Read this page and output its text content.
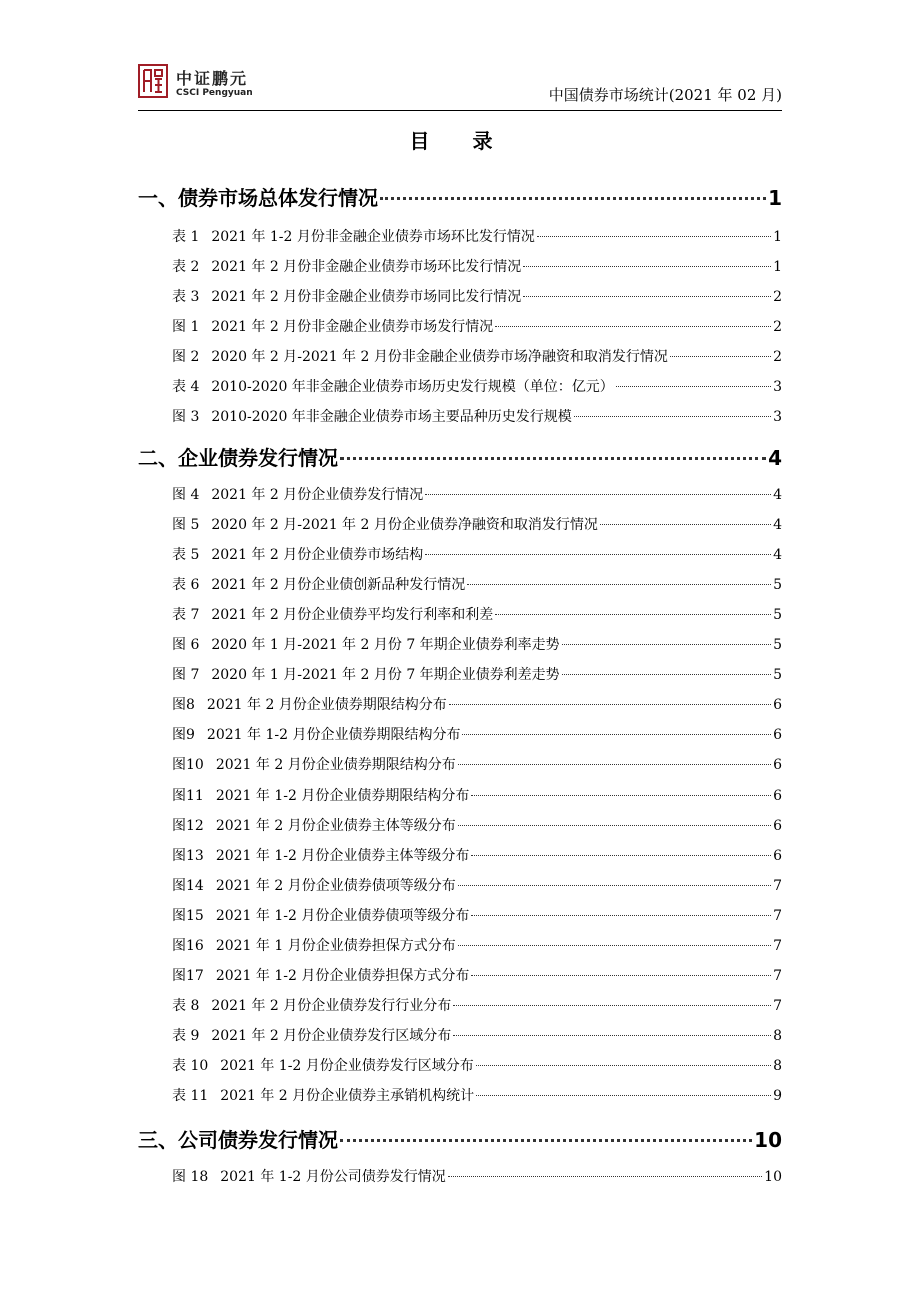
中证鹏元
CSCI Pengyuan	中国债券市场统计(2021 年 02 月)
目 录
一、债券市场总体发行情况	1
表 1 2021 年 1-2 月份非金融企业债券市场环比发行情况	1
表 2 2021 年 2 月份非金融企业债券市场环比发行情况	1
表 3 2021 年 2 月份非金融企业债券市场同比发行情况	2
图 1 2021 年 2 月份非金融企业债券市场发行情况	2
图 2 2020 年 2 月-2021 年 2 月份非金融企业债券市场净融资和取消发行情况	2
表 4 2010-2020 年非金融企业债券市场历史发行规模（单位：亿元）	3
图 3 2010-2020 年非金融企业债券市场主要品种历史发行规模	3
二、企业债券发行情况	4
图 4 2021 年 2 月份企业债券发行情况	4
图 5 2020 年 2 月-2021 年 2 月份企业债券净融资和取消发行情况	4
表 5 2021 年 2 月份企业债券市场结构	4
表 6 2021 年 2 月份企业债创新品种发行情况	5
表 7 2021 年 2 月份企业债券平均发行利率和利差	5
图 6 2020 年 1 月-2021 年 2 月份 7 年期企业债券利率走势	5
图 7 2020 年 1 月-2021 年 2 月份 7 年期企业债券利差走势	5
图8 2021 年 2 月份企业债券期限结构分布	6
图9 2021 年 1-2 月份企业债券期限结构分布	6
图10 2021 年 2 月份企业债券期限结构分布	6
图11 2021 年 1-2 月份企业债券期限结构分布	6
图12 2021 年 2 月份企业债券主体等级分布	6
图13 2021 年 1-2 月份企业债券主体等级分布	6
图14 2021 年 2 月份企业债券债项等级分布	7
图15 2021 年 1-2 月份企业债券债项等级分布	7
图16 2021 年 1 月份企业债券担保方式分布	7
图17 2021 年 1-2 月份企业债券担保方式分布	7
表 8 2021 年 2 月份企业债券发行行业分布	7
表 9 2021 年 2 月份企业债券发行区域分布	8
表 10 2021 年 1-2 月份企业债券发行区域分布	8
表 11 2021 年 2 月份企业债券主承销机构统计	9
三、公司债券发行情况	10
图 18 2021 年 1-2 月份公司债券发行情况	10
